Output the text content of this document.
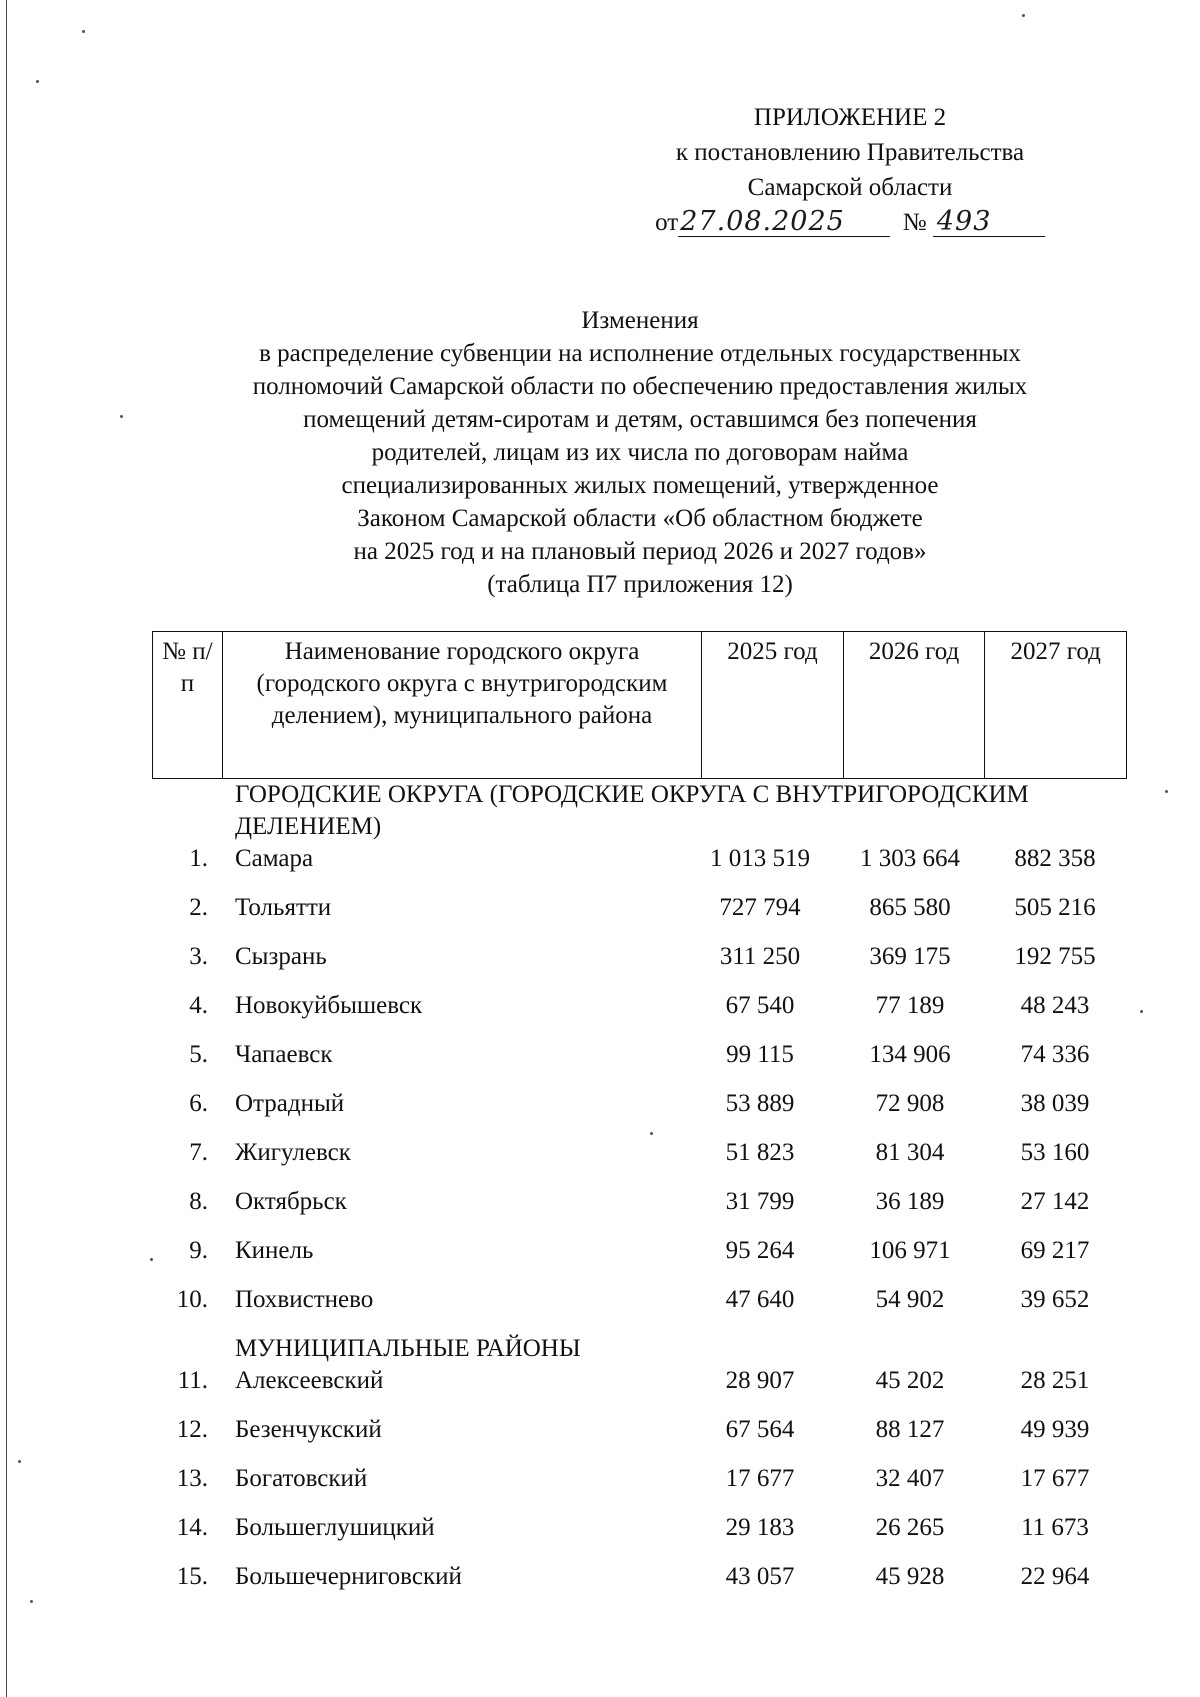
ПРИЛОЖЕНИЕ 2
к постановлению Правительства
Самарской области
от27.08.2025 № 493
Изменения
в распределение субвенции на исполнение отдельных государственных
полномочий Самарской области по обеспечению предоставления жилых
помещений детям-сиротам и детям, оставшимся без попечения
родителей, лицам из их числа по договорам найма
специализированных жилых помещений, утвержденное
Законом Самарской области «Об областном бюджете
на 2025 год и на плановый период 2026 и 2027 годов»
(таблица П7 приложения 12)
№ п/п	Наименование городского округа (городского округа с внутригородским делением), муниципального района	2025 год	2026 год	2027 год
ГОРОДСКИЕ ОКРУГА (ГОРОДСКИЕ ОКРУГА С ВНУТРИГОРОДСКИМ ДЕЛЕНИЕМ)
1. Самара	1 013 519	1 303 664	882 358
2. Тольятти	727 794	865 580	505 216
3. Сызрань	311 250	369 175	192 755
4. Новокуйбышевск	67 540	77 189	48 243
5. Чапаевск	99 115	134 906	74 336
6. Отрадный	53 889	72 908	38 039
7. Жигулевск	51 823	81 304	53 160
8. Октябрьск	31 799	36 189	27 142
9. Кинель	95 264	106 971	69 217
10. Похвистнево	47 640	54 902	39 652
МУНИЦИПАЛЬНЫЕ РАЙОНЫ
11. Алексеевский	28 907	45 202	28 251
12. Безенчукский	67 564	88 127	49 939
13. Богатовский	17 677	32 407	17 677
14. Большеглушицкий	29 183	26 265	11 673
15. Большечерниговский	43 057	45 928	22 964
